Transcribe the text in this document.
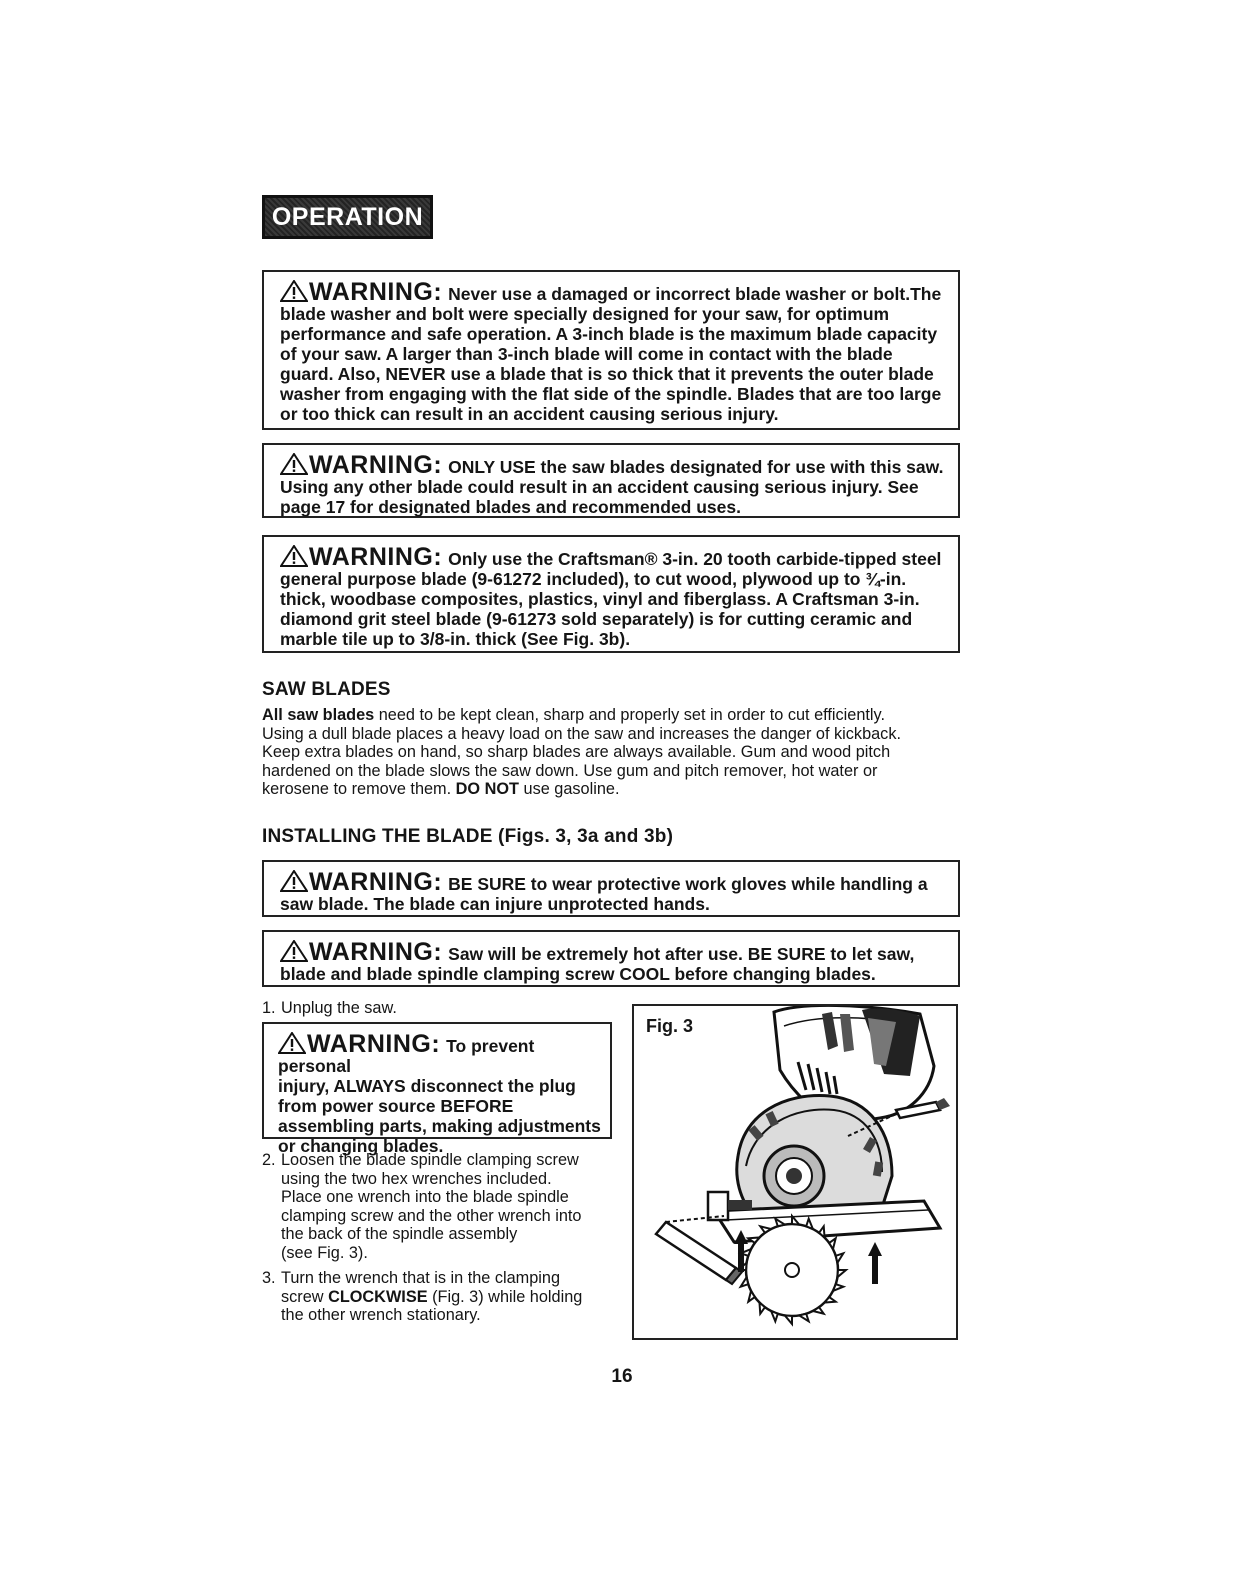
OPERATION
WARNING: Never use a damaged or incorrect blade washer or bolt.The
blade washer and bolt were specially designed for your saw, for optimum
performance and safe operation. A 3-inch blade is the maximum blade capacity
of your saw. A larger than 3-inch blade will come in contact with the blade
guard. Also, NEVER use a blade that is so thick that it prevents the outer blade
washer from engaging with the flat side of the spindle. Blades that are too large
or too thick can result in an accident causing serious injury.
WARNING: ONLY USE the saw blades designated for use with this saw.
Using any other blade could result in an accident causing serious injury. See
page 17 for designated blades and recommended uses.
WARNING: Only use the Craftsman® 3-in. 20 tooth carbide-tipped steel
general purpose blade (9-61272 included), to cut wood, plywood up to ¾-in.
thick, woodbase composites, plastics, vinyl and fiberglass. A Craftsman 3-in.
diamond grit steel blade (9-61273 sold separately) is for cutting ceramic and
marble tile up to 3/8-in. thick (See Fig. 3b).
SAW BLADES
All saw blades need to be kept clean, sharp and properly set in order to cut efficiently.
Using a dull blade places a heavy load on the saw and increases the danger of kickback.
Keep extra blades on hand, so sharp blades are always available. Gum and wood pitch
hardened on the blade slows the saw down. Use gum and pitch remover, hot water or
kerosene to remove them. DO NOT use gasoline.
INSTALLING THE BLADE (Figs. 3, 3a and 3b)
WARNING: BE SURE to wear protective work gloves while handling a
saw blade. The blade can injure unprotected hands.
WARNING: Saw will be extremely hot after use. BE SURE to let saw,
blade and blade spindle clamping screw COOL before changing blades.
1. Unplug the saw.
WARNING: To prevent personal
injury, ALWAYS disconnect the plug
from power source BEFORE
assembling parts, making adjustments
or changing blades.
2. Loosen the blade spindle clamping screw
using the two hex wrenches included.
Place one wrench into the blade spindle
clamping screw and the other wrench into
the back of the spindle assembly
(see Fig. 3).
3. Turn the wrench that is in the clamping
screw CLOCKWISE (Fig. 3) while holding
the other wrench stationary.
Fig. 3
16
